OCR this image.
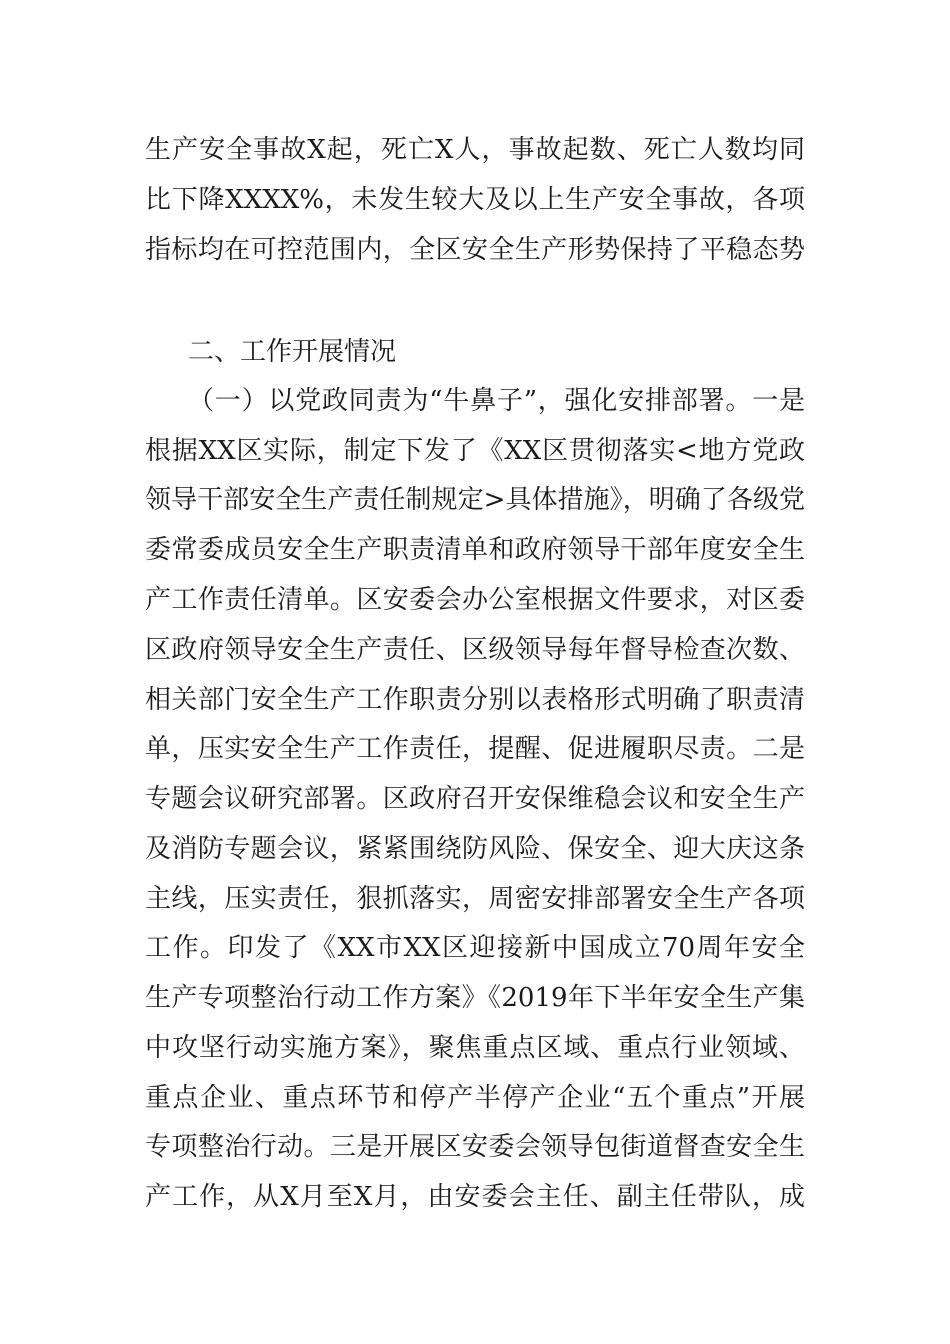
生产安全事故X起，死亡X人，事故起数、死亡人数均同
比下降XXXX%，未发生较大及以上生产安全事故，各项
指标均在可控范围内，全区安全生产形势保持了平稳态势
二、工作开展情况
（一）以党政同责为“牛鼻子”，强化安排部署。一是
根据XX区实际，制定下发了《XX区贯彻落实<地方党政
领导干部安全生产责任制规定>具体措施》，明确了各级党
委常委成员安全生产职责清单和政府领导干部年度安全生
产工作责任清单。区安委会办公室根据文件要求，对区委
区政府领导安全生产责任、区级领导每年督导检查次数、
相关部门安全生产工作职责分别以表格形式明确了职责清
单，压实安全生产工作责任，提醒、促进履职尽责。二是
专题会议研究部署。区政府召开安保维稳会议和安全生产
及消防专题会议，紧紧围绕防风险、保安全、迎大庆这条
主线，压实责任，狠抓落实，周密安排部署安全生产各项
工作。印发了《XX市XX区迎接新中国成立70周年安全
生产专项整治行动工作方案》《2019年下半年安全生产集
中攻坚行动实施方案》，聚焦重点区域、重点行业领域、
重点企业、重点环节和停产半停产企业“五个重点”开展
专项整治行动。三是开展区安委会领导包街道督查安全生
产工作，从X月至X月，由安委会主任、副主任带队，成
